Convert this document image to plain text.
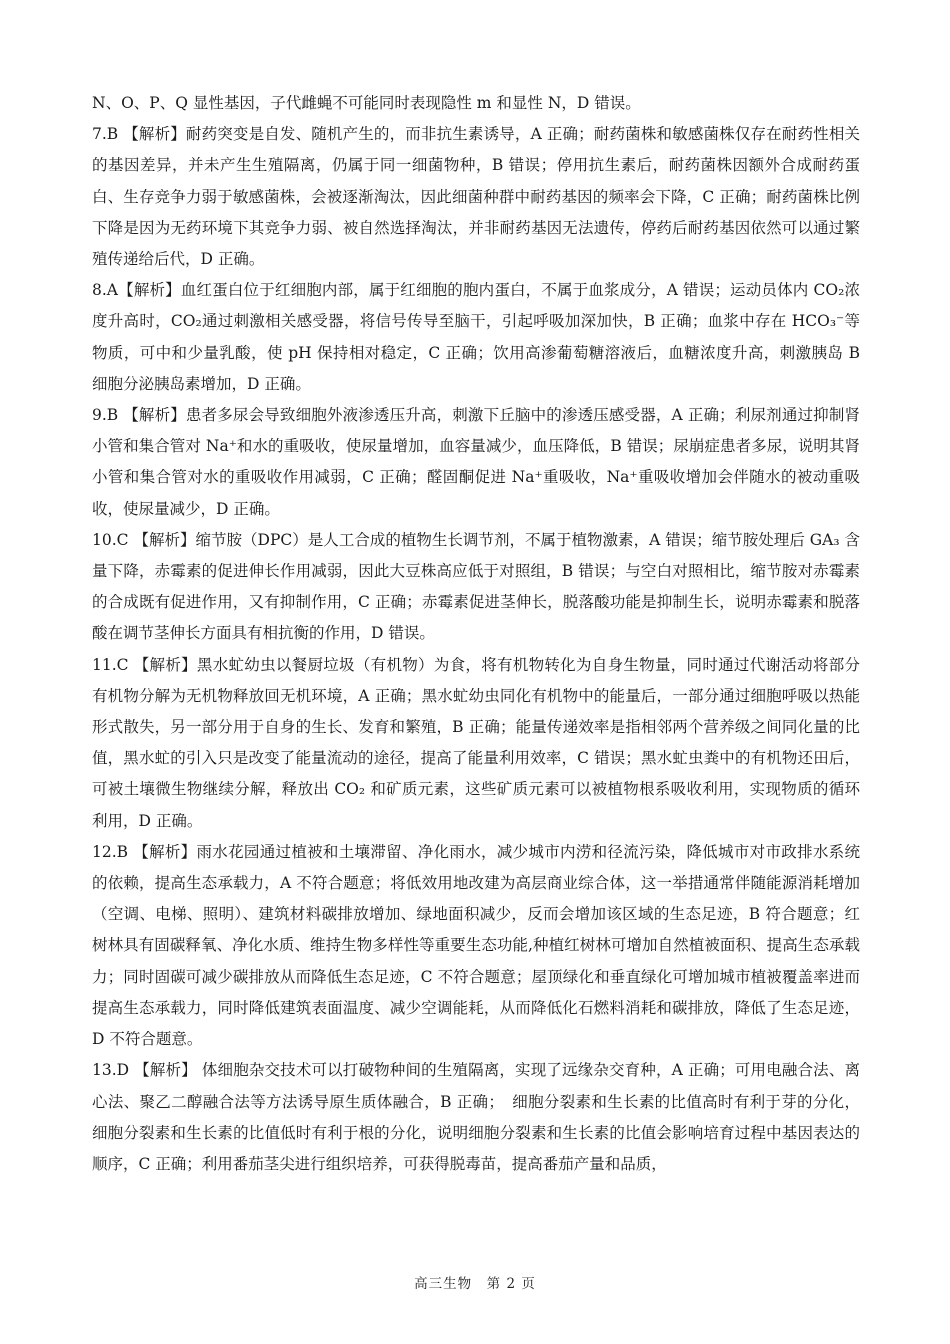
N、O、P、Q 显性基因，子代雌蝇不可能同时表现隐性 m 和显性 N，D 错误。

7.B 【解析】耐药突变是自发、随机产生的，而非抗生素诱导，A 正确；耐药菌株和敏感菌株仅存在耐药性相关的基因差异，并未产生生殖隔离，仍属于同一细菌物种，B 错误；停用抗生素后，耐药菌株因额外合成耐药蛋白、生存竞争力弱于敏感菌株，会被逐渐淘汰，因此细菌种群中耐药基因的频率会下降，C 正确；耐药菌株比例下降是因为无药环境下其竞争力弱、被自然选择淘汰，并非耐药基因无法遗传，停药后耐药基因依然可以通过繁殖传递给后代，D 正确。

8.A【解析】血红蛋白位于红细胞内部，属于红细胞的胞内蛋白，不属于血浆成分，A 错误；运动员体内 CO₂浓度升高时，CO₂通过刺激相关感受器，将信号传导至脑干，引起呼吸加深加快，B 正确；血浆中存在 HCO₃⁻等物质，可中和少量乳酸，使 pH 保持相对稳定，C 正确；饮用高渗葡萄糖溶液后，血糖浓度升高，刺激胰岛 B 细胞分泌胰岛素增加，D 正确。

9.B 【解析】患者多尿会导致细胞外液渗透压升高，刺激下丘脑中的渗透压感受器，A 正确；利尿剂通过抑制肾小管和集合管对 Na⁺和水的重吸收，使尿量增加，血容量减少，血压降低，B 错误；尿崩症患者多尿，说明其肾小管和集合管对水的重吸收作用减弱，C 正确；醛固酮促进 Na⁺重吸收，Na⁺重吸收增加会伴随水的被动重吸收，使尿量减少，D 正确。

10.C 【解析】缩节胺（DPC）是人工合成的植物生长调节剂，不属于植物激素，A 错误；缩节胺处理后 GA₃ 含量下降，赤霉素的促进伸长作用减弱，因此大豆株高应低于对照组，B 错误；与空白对照相比，缩节胺对赤霉素的合成既有促进作用，又有抑制作用，C 正确；赤霉素促进茎伸长，脱落酸功能是抑制生长，说明赤霉素和脱落酸在调节茎伸长方面具有相抗衡的作用，D 错误。

11.C 【解析】黑水虻幼虫以餐厨垃圾（有机物）为食，将有机物转化为自身生物量，同时通过代谢活动将部分有机物分解为无机物释放回无机环境，A 正确；黑水虻幼虫同化有机物中的能量后，一部分通过细胞呼吸以热能形式散失，另一部分用于自身的生长、发育和繁殖，B 正确；能量传递效率是指相邻两个营养级之间同化量的比值，黑水虻的引入只是改变了能量流动的途径，提高了能量利用效率，C 错误；黑水虻虫粪中的有机物还田后，可被土壤微生物继续分解，释放出 CO₂ 和矿质元素，这些矿质元素可以被植物根系吸收利用，实现物质的循环利用，D 正确。

12.B 【解析】雨水花园通过植被和土壤滞留、净化雨水，减少城市内涝和径流污染，降低城市对市政排水系统的依赖，提高生态承载力，A 不符合题意；将低效用地改建为高层商业综合体，这一举措通常伴随能源消耗增加（空调、电梯、照明）、建筑材料碳排放增加、绿地面积减少，反而会增加该区域的生态足迹，B 符合题意；红树林具有固碳释氧、净化水质、维持生物多样性等重要生态功能,种植红树林可增加自然植被面积、提高生态承载力；同时固碳可减少碳排放从而降低生态足迹，C 不符合题意；屋顶绿化和垂直绿化可增加城市植被覆盖率进而提高生态承载力，同时降低建筑表面温度、减少空调能耗，从而降低化石燃料消耗和碳排放，降低了生态足迹，D 不符合题意。

13.D 【解析】 体细胞杂交技术可以打破物种间的生殖隔离，实现了远缘杂交育种，A 正确；可用电融合法、离心法、聚乙二醇融合法等方法诱导原生质体融合，B 正确；　细胞分裂素和生长素的比值高时有利于芽的分化，细胞分裂素和生长素的比值低时有利于根的分化，说明细胞分裂素和生长素的比值会影响培育过程中基因表达的顺序，C 正确；利用番茄茎尖进行组织培养，可获得脱毒苗，提高番茄产量和品质，

高三生物　第 2 页
